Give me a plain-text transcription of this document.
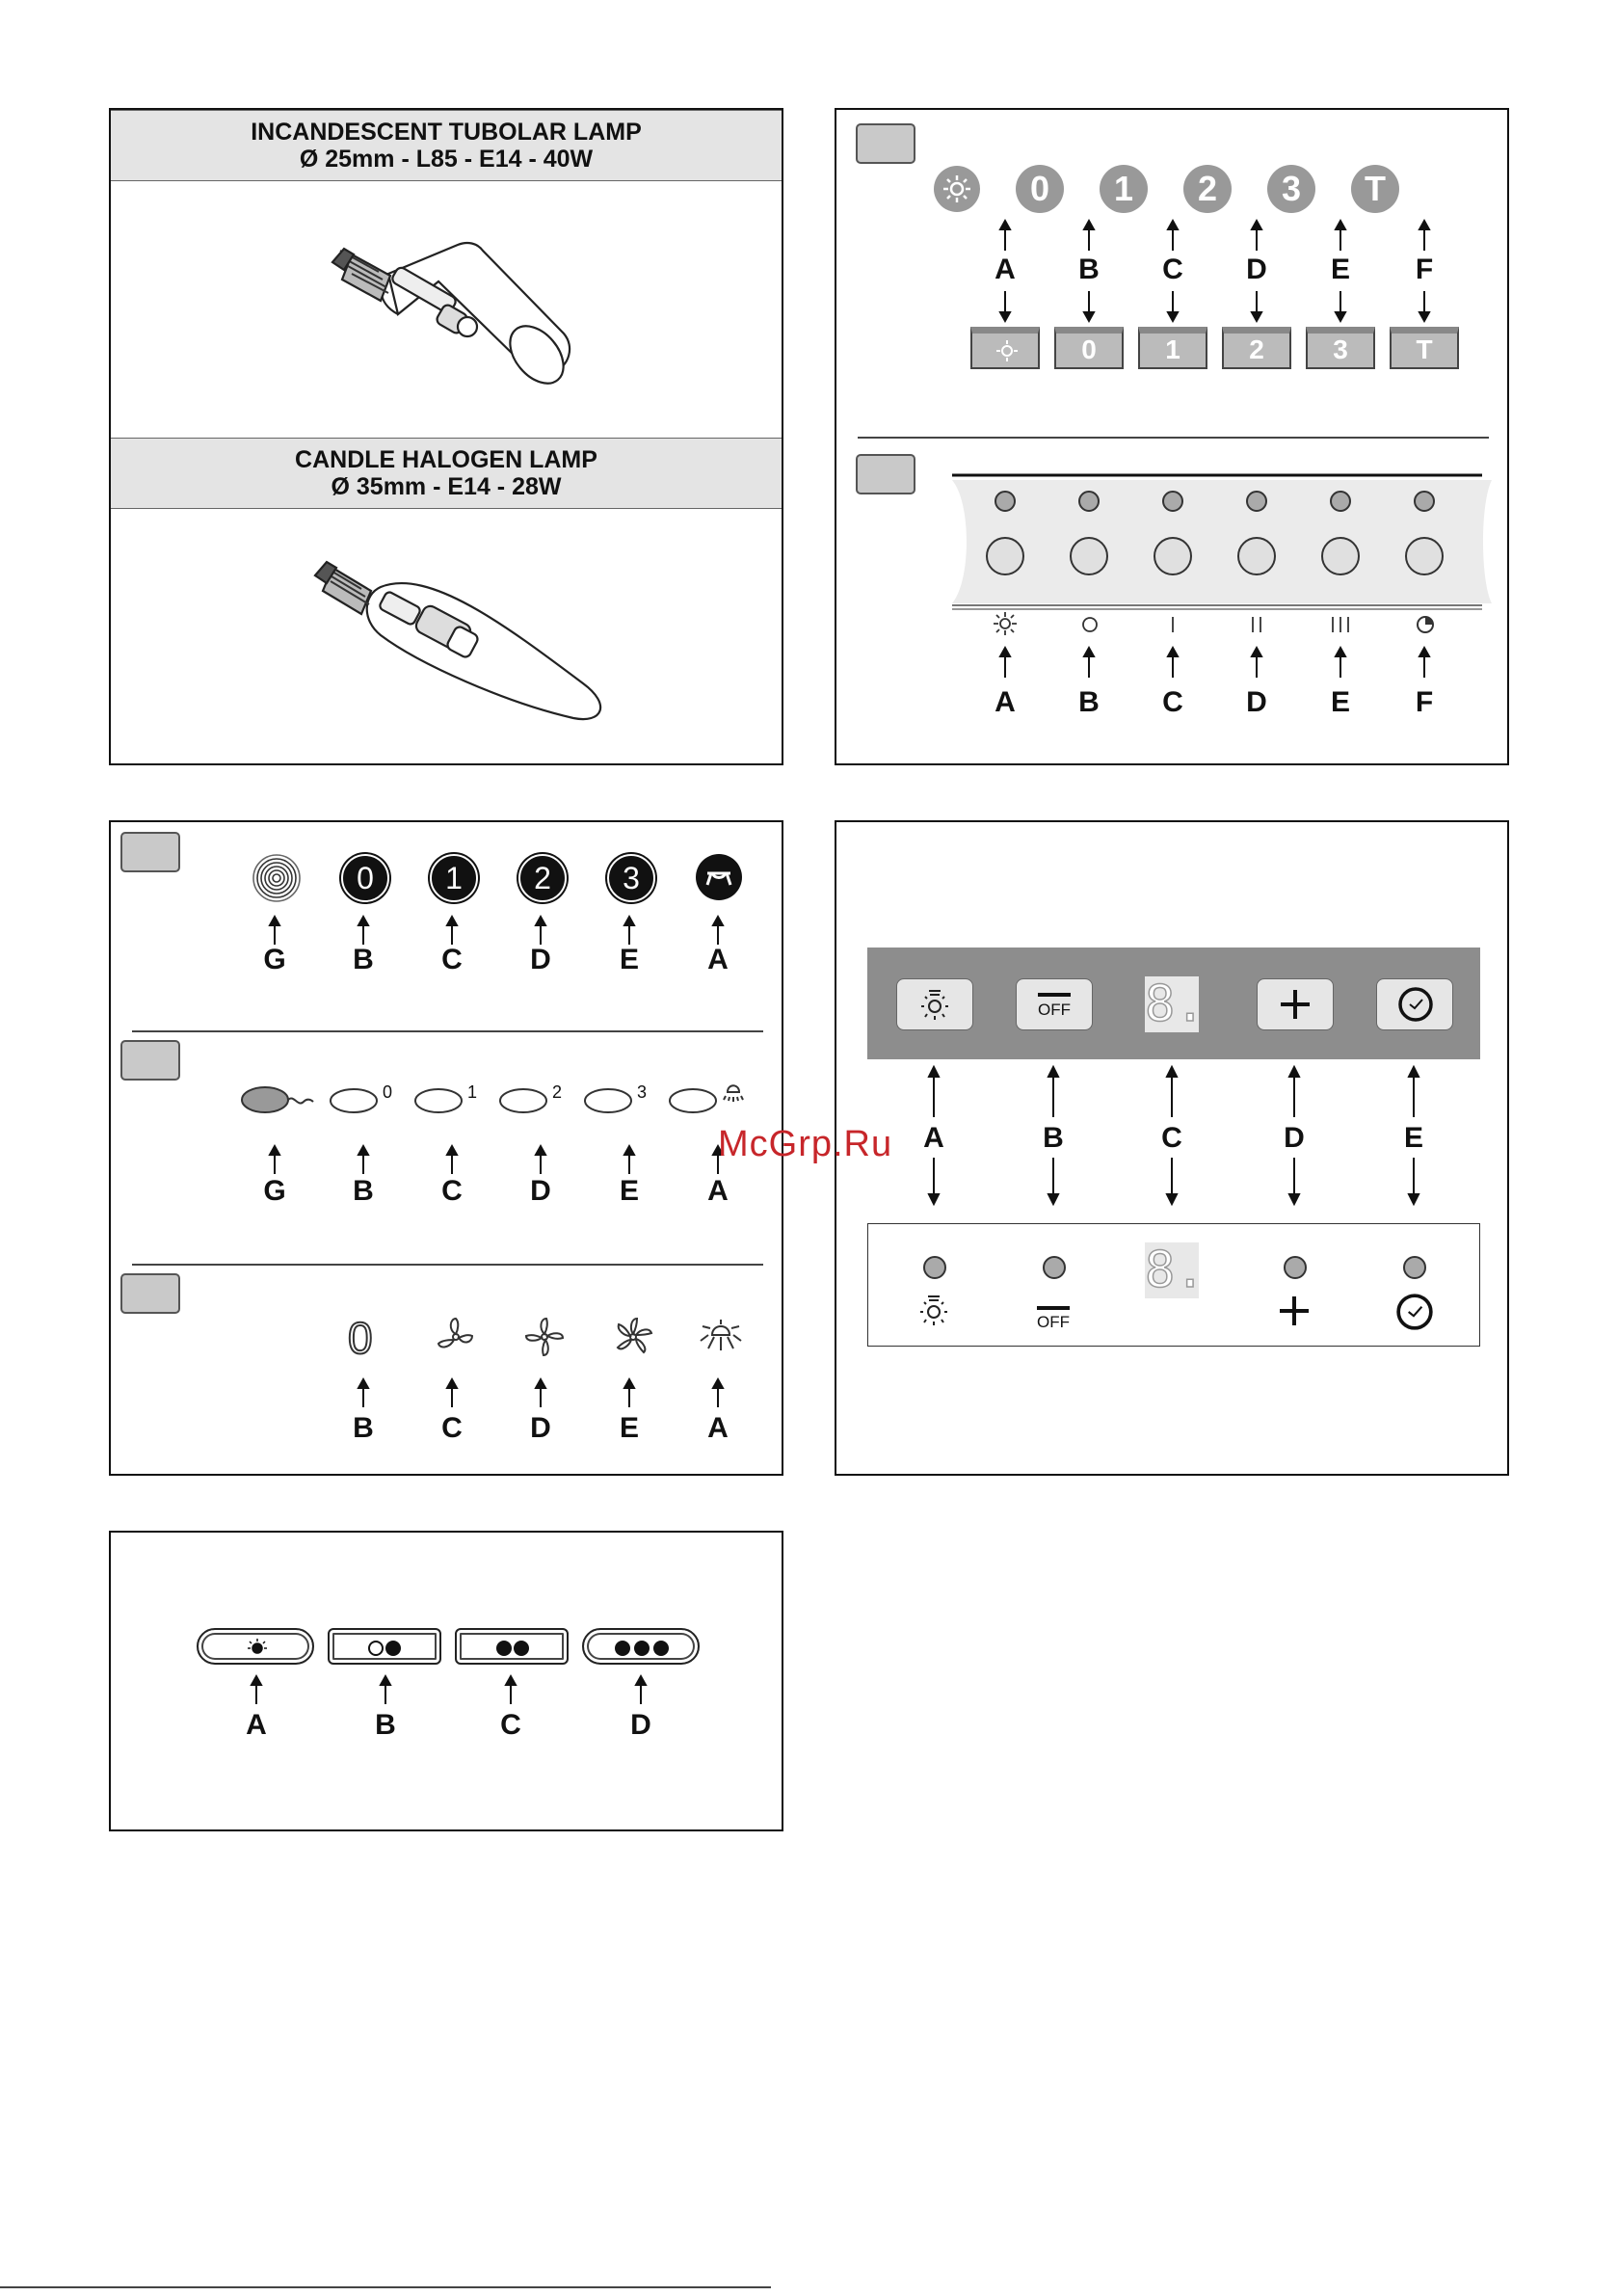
INCANDESCENT TUBOLAR LAMP
Ø 25mm - L85 - E14 - 40W
CANDLE HALOGEN LAMP
Ø 35mm - E14 - 28W
0	1	2	3	T
A	B	C	D	E	F
0	1	2	3	T
A	B	C	D	E	F
0	1	2	3
G	B	C	D	E	A
0	1	2	3
G	B	C	D	E	A
0
B	C	D	E	A
OFF	8.
A	B	C	D	E
8.
OFF
McGrp.Ru
A	B	C	D
